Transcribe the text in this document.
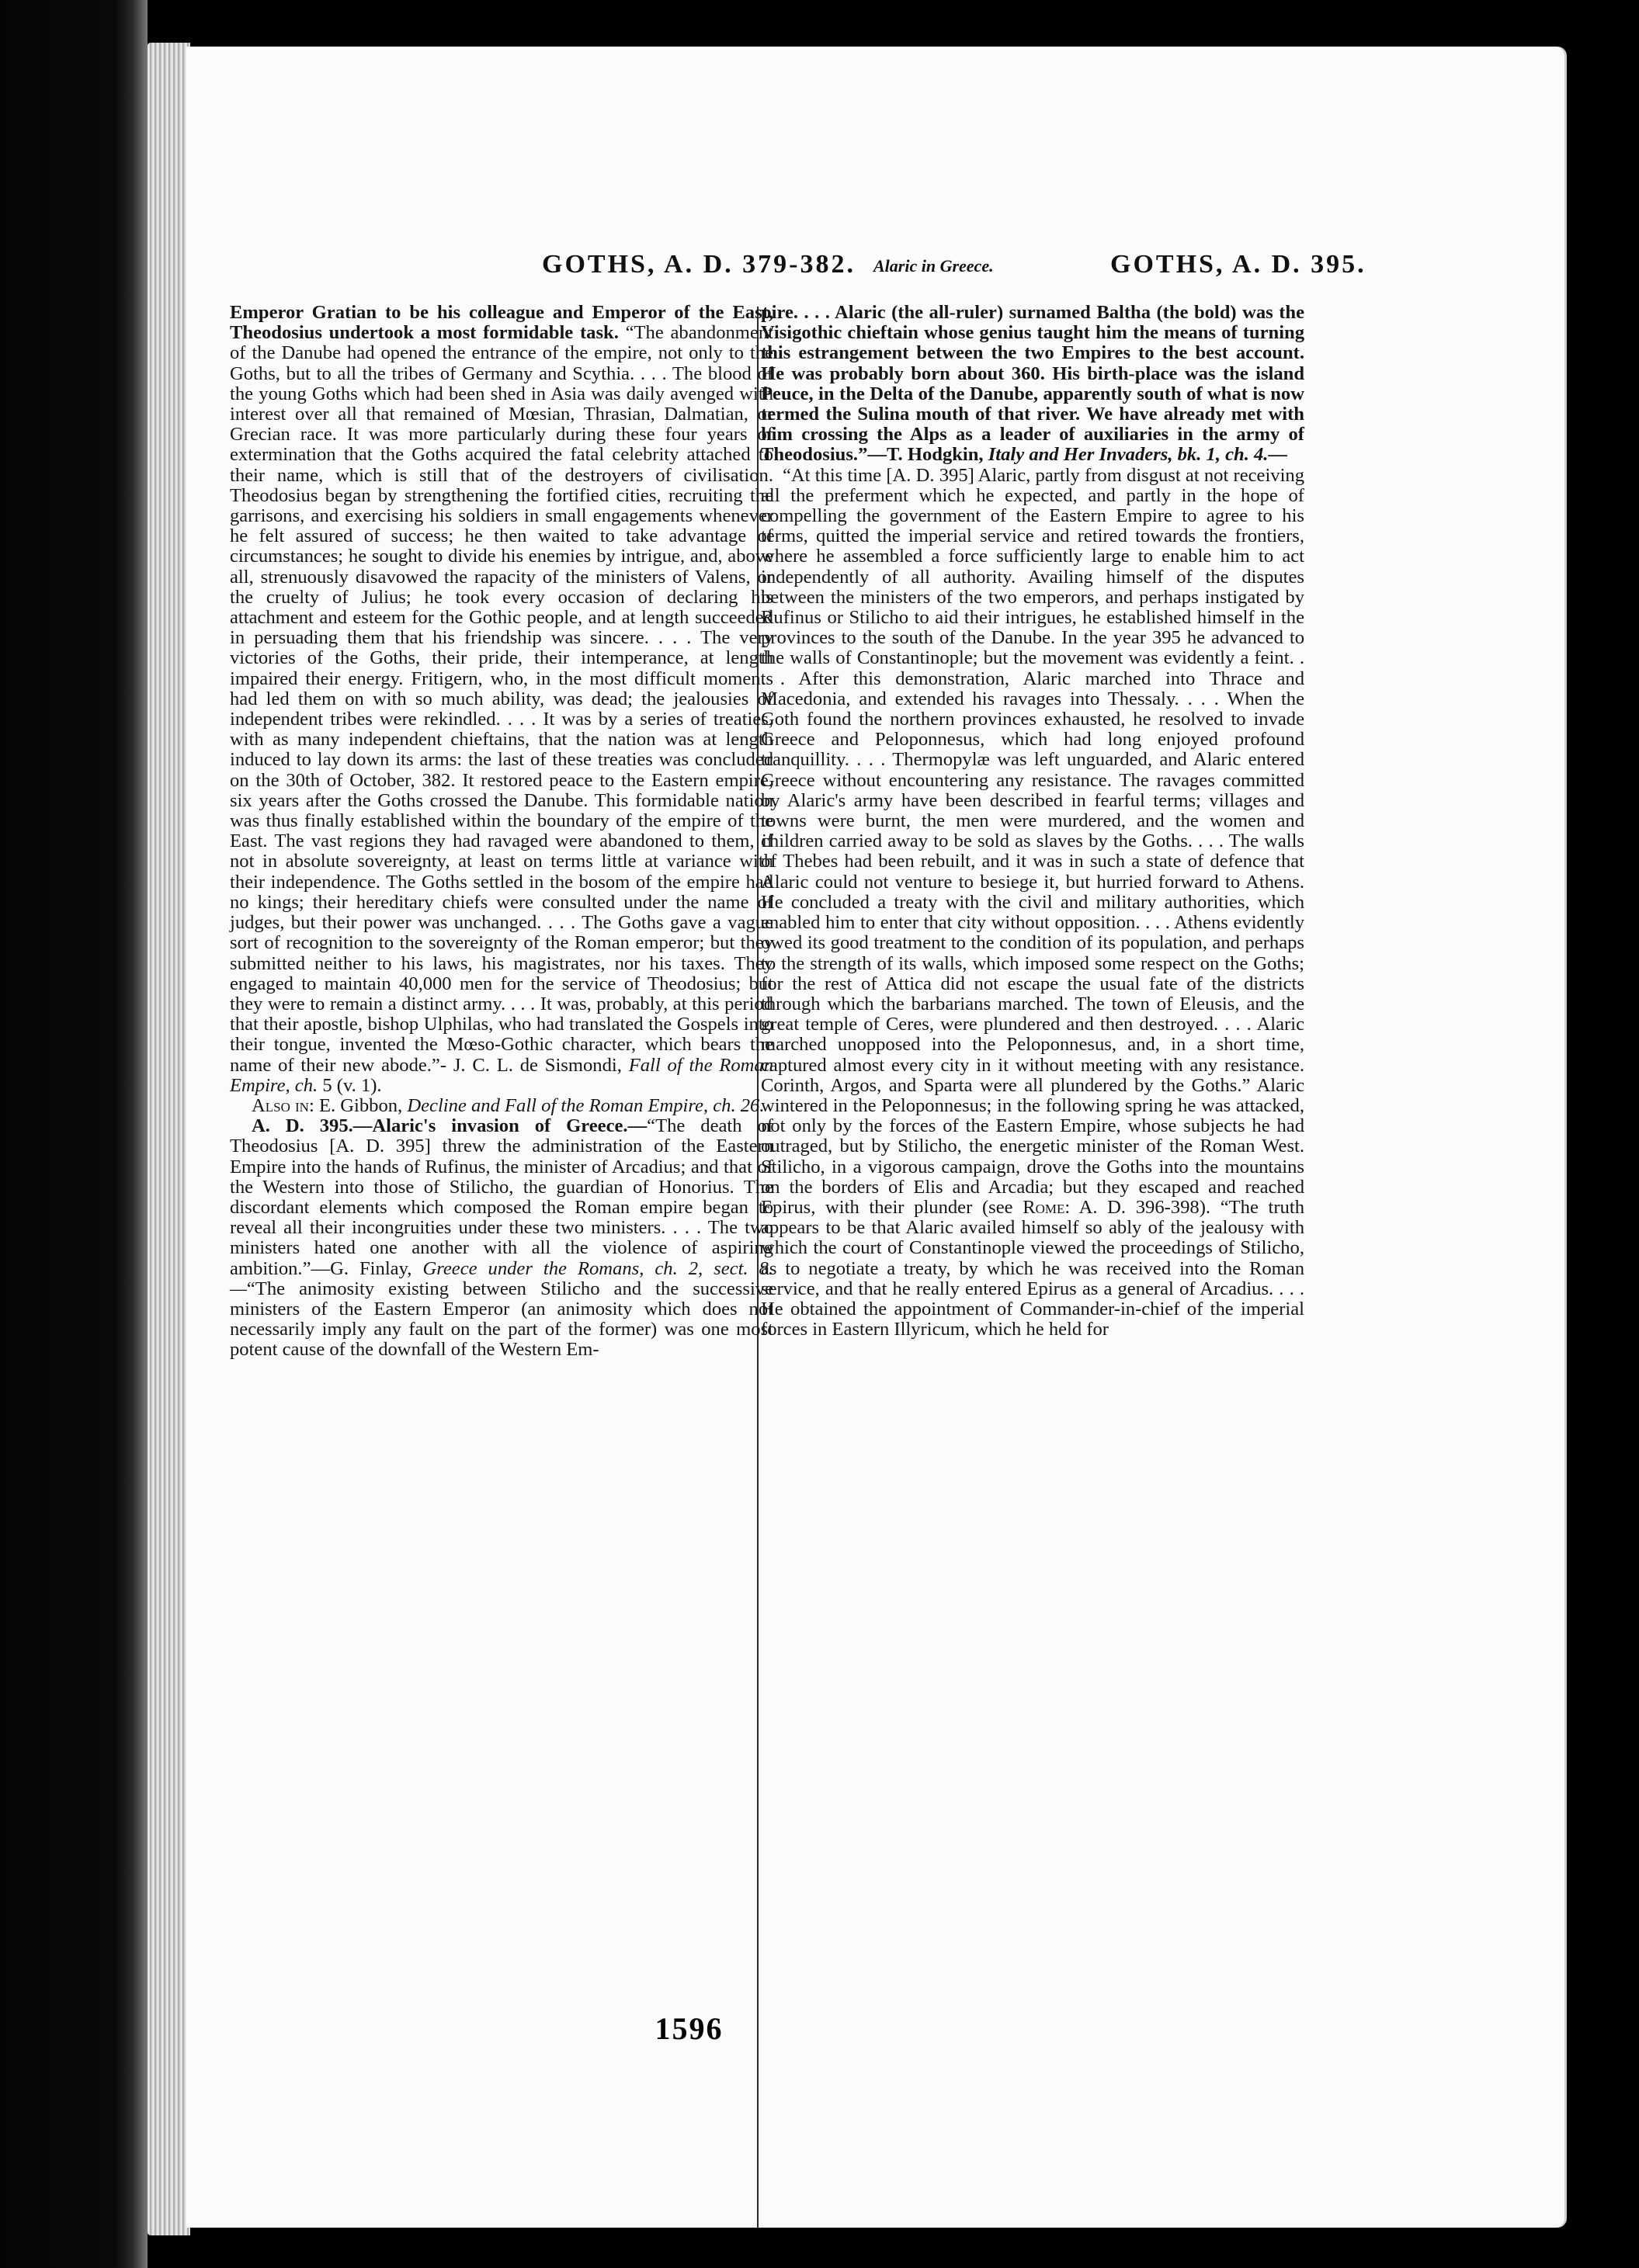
GOTHS, A. D. 379-382. Alaric in Greece.	GOTHS, A. D. 395.

Emperor Gratian to be his colleague and Emperor of the East, Theodosius undertook a most formidable task. “The abandonment of the Danube had opened the entrance of the empire, not only to the Goths, but to all the tribes of Germany and Scythia. . . . The blood of the young Goths which had been shed in Asia was daily avenged with interest over all that remained of Mœsian, Thrasian, Dalmatian, or Grecian race. It was more particularly during these four years of extermination that the Goths acquired the fatal celebrity attached to their name, which is still that of the destroyers of civilisation. Theodosius began by strengthening the fortified cities, recruiting the garrisons, and exercising his soldiers in small engagements whenever he felt assured of success; he then waited to take advantage of circumstances; he sought to divide his enemies by intrigue, and, above all, strenuously disavowed the rapacity of the ministers of Valens, or the cruelty of Julius; he took every occasion of declaring his attachment and esteem for the Gothic people, and at length succeeded in persuading them that his friendship was sincere. . . . The very victories of the Goths, their pride, their intemperance, at length impaired their energy. Fritigern, who, in the most difficult moments had led them on with so much ability, was dead; the jealousies of independent tribes were rekindled. . . . It was by a series of treaties, with as many independent chieftains, that the nation was at length induced to lay down its arms: the last of these treaties was concluded on the 30th of October, 382. It restored peace to the Eastern empire, six years after the Goths crossed the Danube. This formidable nation was thus finally established within the boundary of the empire of the East. The vast regions they had ravaged were abandoned to them, if not in absolute sovereignty, at least on terms little at variance with their independence. The Goths settled in the bosom of the empire had no kings; their hereditary chiefs were consulted under the name of judges, but their power was unchanged. . . . The Goths gave a vague sort of recognition to the sovereignty of the Roman emperor; but they submitted neither to his laws, his magistrates, nor his taxes. They engaged to maintain 40,000 men for the service of Theodosius; but they were to remain a distinct army. . . . It was, probably, at this period that their apostle, bishop Ulphilas, who had translated the Gospels into their tongue, invented the Mœso-Gothic character, which bears the name of their new abode.”- J. C. L. de Sismondi, Fall of the Roman Empire, ch. 5 (v. 1).

Also in: E. Gibbon, Decline and Fall of the Roman Empire, ch. 26.

A. D. 395.—Alaric's invasion of Greece.—“The death of Theodosius [A. D. 395] threw the administration of the Eastern Empire into the hands of Rufinus, the minister of Arcadius; and that of the Western into those of Stilicho, the guardian of Honorius. The discordant elements which composed the Roman empire began to reveal all their incongruities under these two ministers. . . . The two ministers hated one another with all the violence of aspiring ambition.”—G. Finlay, Greece under the Romans, ch. 2, sect. 8.—“The animosity existing between Stilicho and the successive ministers of the Eastern Emperor (an animosity which does not necessarily imply any fault on the part of the former) was one most potent cause of the downfall of the Western Em-

pire. . . . Alaric (the all-ruler) surnamed Baltha (the bold) was the Visigothic chieftain whose genius taught him the means of turning this estrangement between the two Empires to the best account. He was probably born about 360. His birth-place was the island Peuce, in the Delta of the Danube, apparently south of what is now termed the Sulina mouth of that river. We have already met with him crossing the Alps as a leader of auxiliaries in the army of Theodosius.”—T. Hodgkin, Italy and Her Invaders, bk. 1, ch. 4.—

“At this time [A. D. 395] Alaric, partly from disgust at not receiving all the preferment which he expected, and partly in the hope of compelling the government of the Eastern Empire to agree to his terms, quitted the imperial service and retired towards the frontiers, where he assembled a force sufficiently large to enable him to act independently of all authority. Availing himself of the disputes between the ministers of the two emperors, and perhaps instigated by Rufinus or Stilicho to aid their intrigues, he established himself in the provinces to the south of the Danube. In the year 395 he advanced to the walls of Constantinople; but the movement was evidently a feint. . . . After this demonstration, Alaric marched into Thrace and Macedonia, and extended his ravages into Thessaly. . . . When the Goth found the northern provinces exhausted, he resolved to invade Greece and Peloponnesus, which had long enjoyed profound tranquillity. . . . Thermopylæ was left unguarded, and Alaric entered Greece without encountering any resistance. The ravages committed by Alaric's army have been described in fearful terms; villages and towns were burnt, the men were murdered, and the women and children carried away to be sold as slaves by the Goths. . . . The walls of Thebes had been rebuilt, and it was in such a state of defence that Alaric could not venture to besiege it, but hurried forward to Athens. He concluded a treaty with the civil and military authorities, which enabled him to enter that city without opposition. . . . Athens evidently owed its good treatment to the condition of its population, and perhaps to the strength of its walls, which imposed some respect on the Goths; for the rest of Attica did not escape the usual fate of the districts through which the barbarians marched. The town of Eleusis, and the great temple of Ceres, were plundered and then destroyed. . . . Alaric marched unopposed into the Peloponnesus, and, in a short time, captured almost every city in it without meeting with any resistance. Corinth, Argos, and Sparta were all plundered by the Goths.” Alaric wintered in the Peloponnesus; in the following spring he was attacked, not only by the forces of the Eastern Empire, whose subjects he had outraged, but by Stilicho, the energetic minister of the Roman West. Stilicho, in a vigorous campaign, drove the Goths into the mountains on the borders of Elis and Arcadia; but they escaped and reached Epirus, with their plunder (see Rome: A. D. 396-398). “The truth appears to be that Alaric availed himself so ably of the jealousy with which the court of Constantinople viewed the proceedings of Stilicho, as to negotiate a treaty, by which he was received into the Roman service, and that he really entered Epirus as a general of Arcadius. . . . He obtained the appointment of Commander-in-chief of the imperial forces in Eastern Illyricum, which he held for

1596
